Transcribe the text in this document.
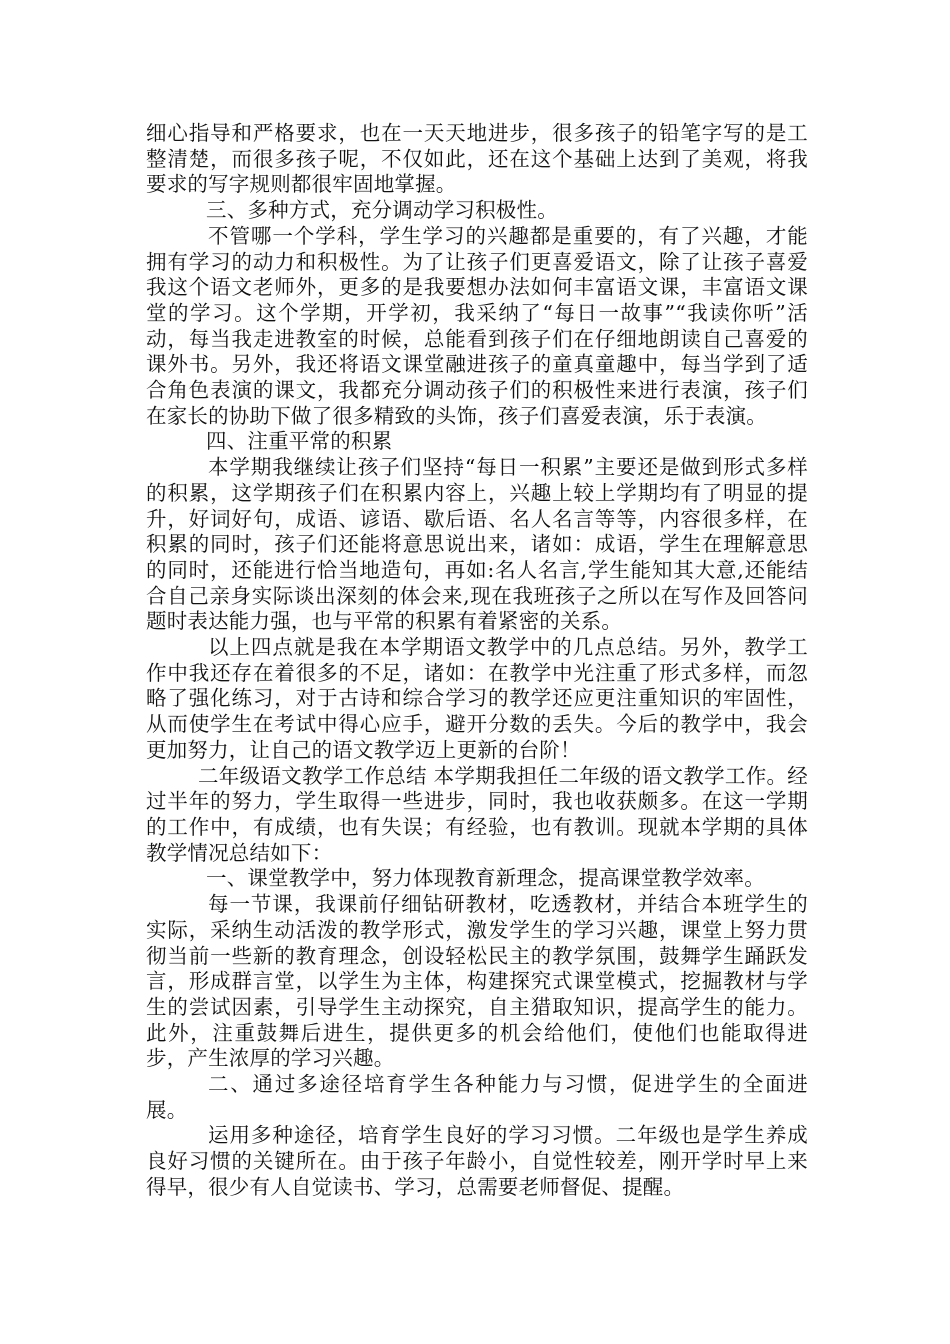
细心指导和严格要求，也在一天天地进步，很多孩子的铅笔字写的是工整清楚，而很多孩子呢，不仅如此，还在这个基础上达到了美观，将我要求的写字规则都很牢固地掌握。

三、多种方式，充分调动学习积极性。

不管哪一个学科，学生学习的兴趣都是重要的，有了兴趣，才能拥有学习的动力和积极性。为了让孩子们更喜爱语文，除了让孩子喜爱我这个语文老师外，更多的是我要想办法如何丰富语文课，丰富语文课堂的学习。这个学期，开学初，我采纳了“每日一故事”“我读你听”活动，每当我走进教室的时候，总能看到孩子们在仔细地朗读自己喜爱的课外书。另外，我还将语文课堂融进孩子的童真童趣中，每当学到了适合角色表演的课文，我都充分调动孩子们的积极性来进行表演，孩子们在家长的协助下做了很多精致的头饰，孩子们喜爱表演，乐于表演。

四、注重平常的积累

本学期我继续让孩子们坚持“每日一积累”主要还是做到形式多样的积累，这学期孩子们在积累内容上，兴趣上较上学期均有了明显的提升，好词好句，成语、谚语、歇后语、名人名言等等，内容很多样，在积累的同时，孩子们还能将意思说出来，诸如：成语，学生在理解意思的同时，还能进行恰当地造句，再如:名人名言,学生能知其大意,还能结合自己亲身实际谈出深刻的体会来,现在我班孩子之所以在写作及回答问题时表达能力强，也与平常的积累有着紧密的关系。

以上四点就是我在本学期语文教学中的几点总结。另外，教学工作中我还存在着很多的不足，诸如：在教学中光注重了形式多样，而忽略了强化练习，对于古诗和综合学习的教学还应更注重知识的牢固性，从而使学生在考试中得心应手，避开分数的丢失。今后的教学中，我会更加努力，让自己的语文教学迈上更新的台阶！

二年级语文教学工作总结 本学期我担任二年级的语文教学工作。经过半年的努力，学生取得一些进步，同时，我也收获颇多。在这一学期的工作中，有成绩，也有失误；有经验，也有教训。现就本学期的具体教学情况总结如下：

一、课堂教学中，努力体现教育新理念，提高课堂教学效率。

每一节课，我课前仔细钻研教材，吃透教材，并结合本班学生的实际，采纳生动活泼的教学形式，激发学生的学习兴趣，课堂上努力贯彻当前一些新的教育理念，创设轻松民主的教学氛围，鼓舞学生踊跃发言，形成群言堂，以学生为主体，构建探究式课堂模式，挖掘教材与学生的尝试因素，引导学生主动探究，自主猎取知识，提高学生的能力。此外，注重鼓舞后进生，提供更多的机会给他们，使他们也能取得进步，产生浓厚的学习兴趣。

二、通过多途径培育学生各种能力与习惯，促进学生的全面进展。

运用多种途径，培育学生良好的学习习惯。二年级也是学生养成良好习惯的关键所在。由于孩子年龄小，自觉性较差，刚开学时早上来得早，很少有人自觉读书、学习，总需要老师督促、提醒。
